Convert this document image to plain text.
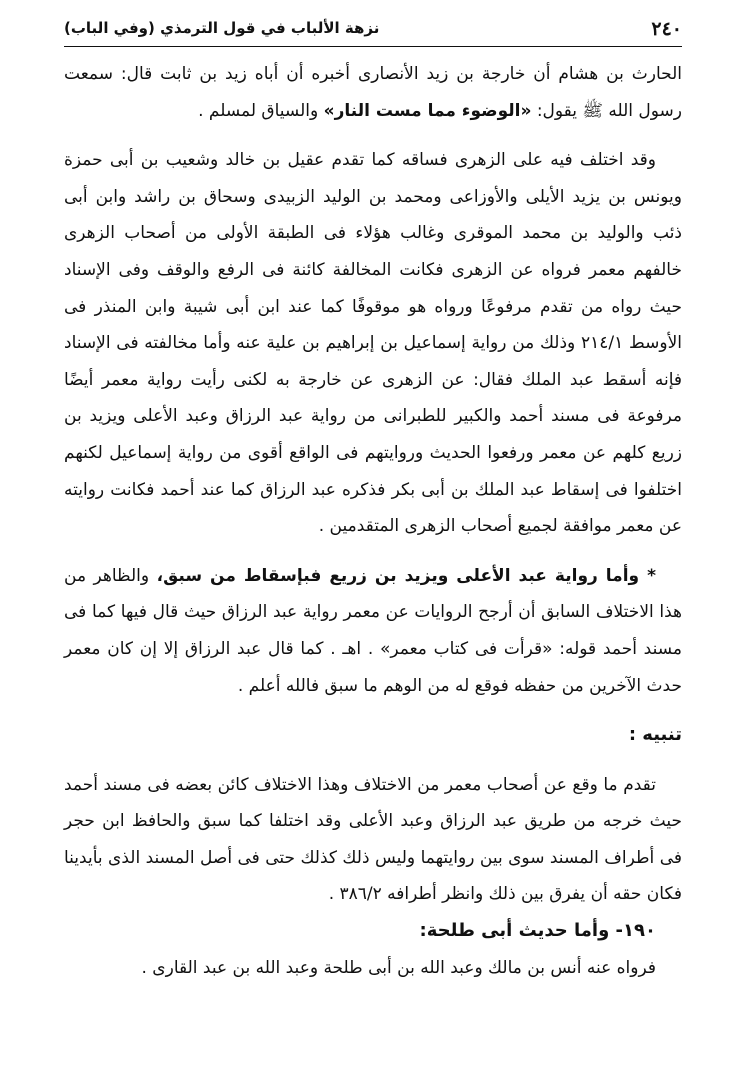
٢٤٠
نزهة الألباب في قول الترمذي (وفي الباب)

الحارث بن هشام أن خارجة بن زيد الأنصارى أخبره أن أباه زيد بن ثابت قال: سمعت رسول الله ﷺ يقول: «الوضوء مما مست النار» والسياق لمسلم .

وقد اختلف فيه على الزهرى فساقه كما تقدم عقيل بن خالد وشعيب بن أبى حمزة ويونس بن يزيد الأيلى والأوزاعى ومحمد بن الوليد الزبيدى وسحاق بن راشد وابن أبى ذئب والوليد بن محمد الموقرى وغالب هؤلاء فى الطبقة الأولى من أصحاب الزهرى خالفهم معمر فرواه عن الزهرى فكانت المخالفة كائنة فى الرفع والوقف وفى الإسناد حيث رواه من تقدم مرفوعًا ورواه هو موقوفًا كما عند ابن أبى شيبة وابن المنذر فى الأوسط ٢١٤/١ وذلك من رواية إسماعيل بن إبراهيم بن علية عنه وأما مخالفته فى الإسناد فإنه أسقط عبد الملك فقال: عن الزهرى عن خارجة به لكنى رأيت رواية معمر أيضًا مرفوعة فى مسند أحمد والكبير للطبرانى من رواية عبد الرزاق وعبد الأعلى ويزيد بن زريع كلهم عن معمر ورفعوا الحديث وروايتهم فى الواقع أقوى من رواية إسماعيل لكنهم اختلفوا فى إسقاط عبد الملك بن أبى بكر فذكره عبد الرزاق كما عند أحمد فكانت روايته عن معمر موافقة لجميع أصحاب الزهرى المتقدمين .

* وأما رواية عبد الأعلى ويزيد بن زريع فبإسقاط من سبق، والظاهر من هذا الاختلاف السابق أن أرجح الروايات عن معمر رواية عبد الرزاق حيث قال فيها كما فى مسند أحمد قوله: «قرأت فى كتاب معمر» . اهـ . كما قال عبد الرزاق إلا إن كان معمر حدث الآخرين من حفظه فوقع له من الوهم ما سبق فالله أعلم .

تنبيه :

تقدم ما وقع عن أصحاب معمر من الاختلاف وهذا الاختلاف كائن بعضه فى مسند أحمد حيث خرجه من طريق عبد الرزاق وعبد الأعلى وقد اختلفا كما سبق والحافظ ابن حجر فى أطراف المسند سوى بين روايتهما وليس ذلك كذلك حتى فى أصل المسند الذى بأيدينا فكان حقه أن يفرق بين ذلك وانظر أطرافه ٣٨٦/٢ .

١٩٠- وأما حديث أبى طلحة:

فرواه عنه أنس بن مالك وعبد الله بن أبى طلحة وعبد الله بن عبد القارى .
